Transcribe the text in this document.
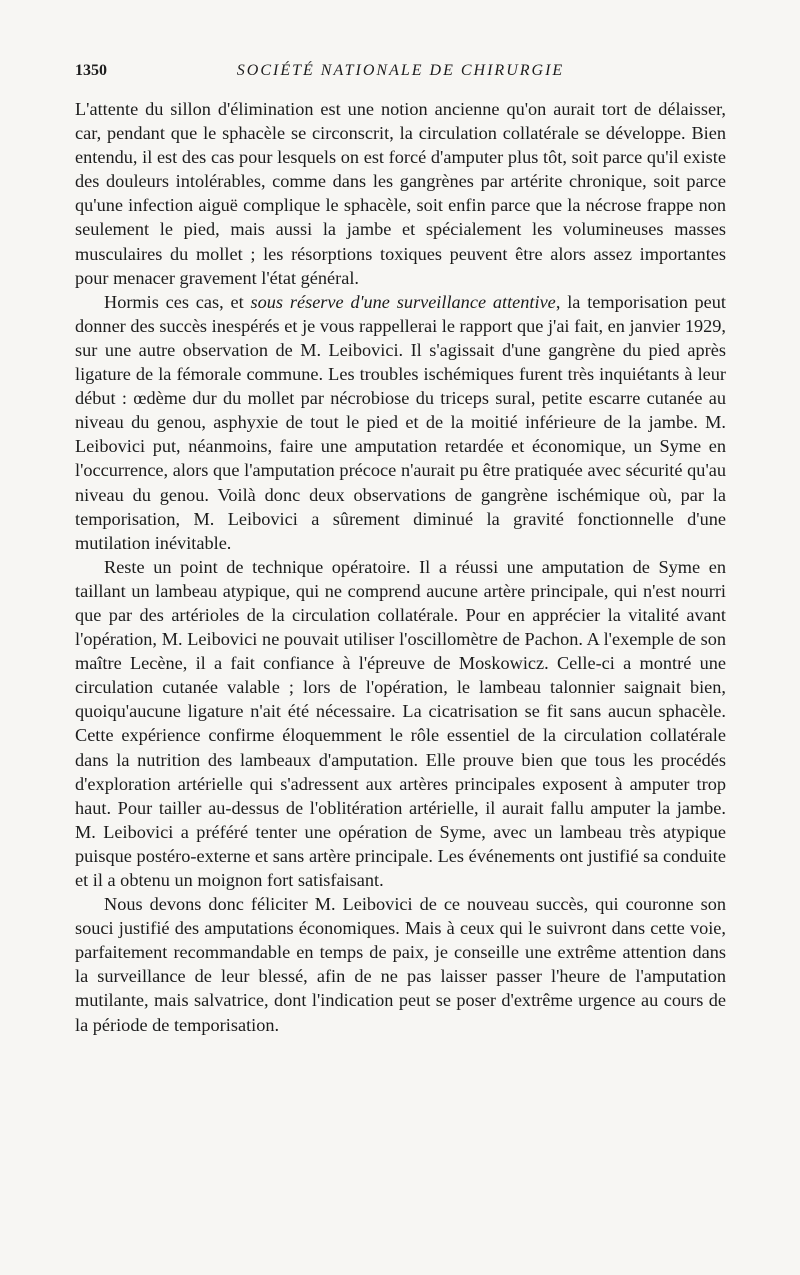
1350	SOCIÉTÉ NATIONALE DE CHIRURGIE

L'attente du sillon d'élimination est une notion ancienne qu'on aurait tort de délaisser, car, pendant que le sphacèle se circonscrit, la circulation collatérale se développe. Bien entendu, il est des cas pour lesquels on est forcé d'amputer plus tôt, soit parce qu'il existe des douleurs intolérables, comme dans les gangrènes par artérite chronique, soit parce qu'une infection aiguë complique le sphacèle, soit enfin parce que la nécrose frappe non seulement le pied, mais aussi la jambe et spécialement les volumineuses masses musculaires du mollet ; les résorptions toxiques peuvent être alors assez importantes pour menacer gravement l'état général.

Hormis ces cas, et sous réserve d'une surveillance attentive, la temporisation peut donner des succès inespérés et je vous rappellerai le rapport que j'ai fait, en janvier 1929, sur une autre observation de M. Leibovici. Il s'agissait d'une gangrène du pied après ligature de la fémorale commune. Les troubles ischémiques furent très inquiétants à leur début : œdème dur du mollet par nécrobiose du triceps sural, petite escarre cutanée au niveau du genou, asphyxie de tout le pied et de la moitié inférieure de la jambe. M. Leibovici put, néanmoins, faire une amputation retardée et économique, un Syme en l'occurrence, alors que l'amputation précoce n'aurait pu être pratiquée avec sécurité qu'au niveau du genou. Voilà donc deux observations de gangrène ischémique où, par la temporisation, M. Leibovici a sûrement diminué la gravité fonctionnelle d'une mutilation inévitable.

Reste un point de technique opératoire. Il a réussi une amputation de Syme en taillant un lambeau atypique, qui ne comprend aucune artère principale, qui n'est nourri que par des artérioles de la circulation collatérale. Pour en apprécier la vitalité avant l'opération, M. Leibovici ne pouvait utiliser l'oscillomètre de Pachon. A l'exemple de son maître Lecène, il a fait confiance à l'épreuve de Moskowicz. Celle-ci a montré une circulation cutanée valable ; lors de l'opération, le lambeau talonnier saignait bien, quoiqu'aucune ligature n'ait été nécessaire. La cicatrisation se fit sans aucun sphacèle. Cette expérience confirme éloquemment le rôle essentiel de la circulation collatérale dans la nutrition des lambeaux d'amputation. Elle prouve bien que tous les procédés d'exploration artérielle qui s'adressent aux artères principales exposent à amputer trop haut. Pour tailler au-dessus de l'oblitération artérielle, il aurait fallu amputer la jambe. M. Leibovici a préféré tenter une opération de Syme, avec un lambeau très atypique puisque postéro-externe et sans artère principale. Les événements ont justifié sa conduite et il a obtenu un moignon fort satisfaisant.

Nous devons donc féliciter M. Leibovici de ce nouveau succès, qui couronne son souci justifié des amputations économiques. Mais à ceux qui le suivront dans cette voie, parfaitement recommandable en temps de paix, je conseille une extrême attention dans la surveillance de leur blessé, afin de ne pas laisser passer l'heure de l'amputation mutilante, mais salvatrice, dont l'indication peut se poser d'extrême urgence au cours de la période de temporisation.
